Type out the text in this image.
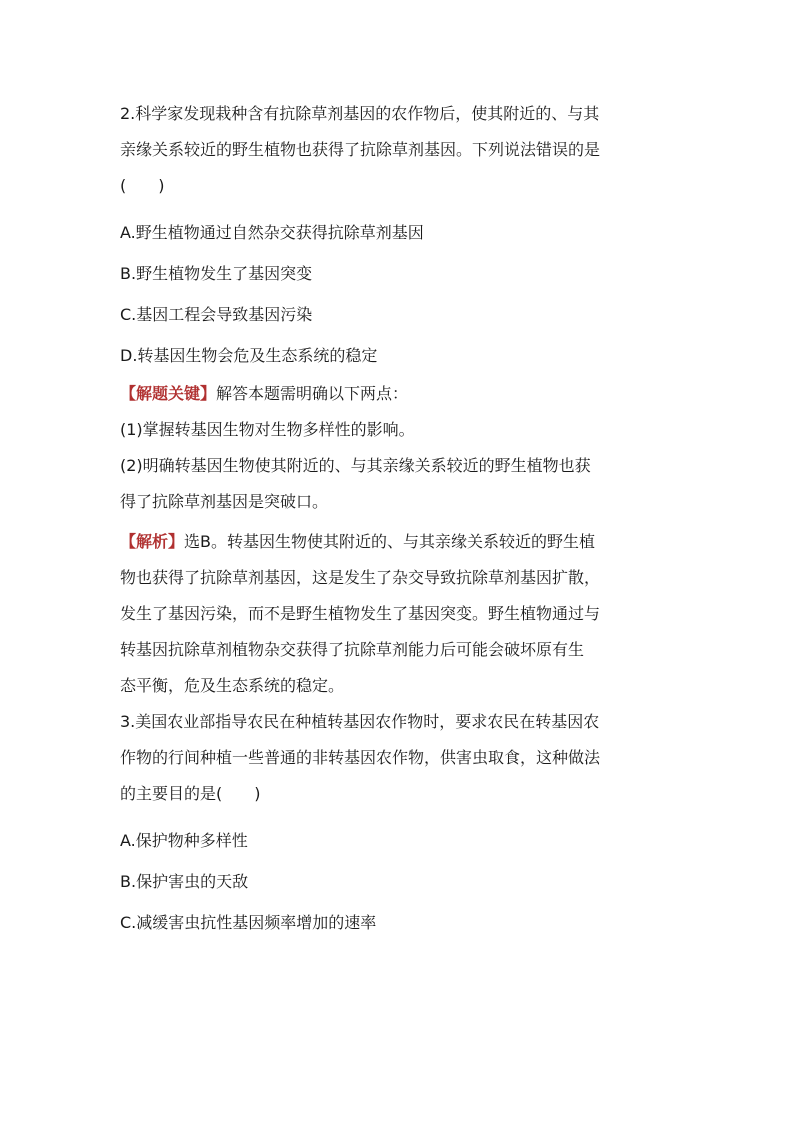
2.科学家发现栽种含有抗除草剂基因的农作物后，使其附近的、与其

亲缘关系较近的野生植物也获得了抗除草剂基因。下列说法错误的是

(　　)

A.野生植物通过自然杂交获得抗除草剂基因

B.野生植物发生了基因突变

C.基因工程会导致基因污染

D.转基因生物会危及生态系统的稳定

【解题关键】解答本题需明确以下两点：

(1)掌握转基因生物对生物多样性的影响。

(2)明确转基因生物使其附近的、与其亲缘关系较近的野生植物也获

得了抗除草剂基因是突破口。

【解析】选B。转基因生物使其附近的、与其亲缘关系较近的野生植

物也获得了抗除草剂基因，这是发生了杂交导致抗除草剂基因扩散，

发生了基因污染，而不是野生植物发生了基因突变。野生植物通过与

转基因抗除草剂植物杂交获得了抗除草剂能力后可能会破坏原有生

态平衡，危及生态系统的稳定。

3.美国农业部指导农民在种植转基因农作物时，要求农民在转基因农

作物的行间种植一些普通的非转基因农作物，供害虫取食，这种做法

的主要目的是(　　)

A.保护物种多样性

B.保护害虫的天敌

C.减缓害虫抗性基因频率增加的速率
